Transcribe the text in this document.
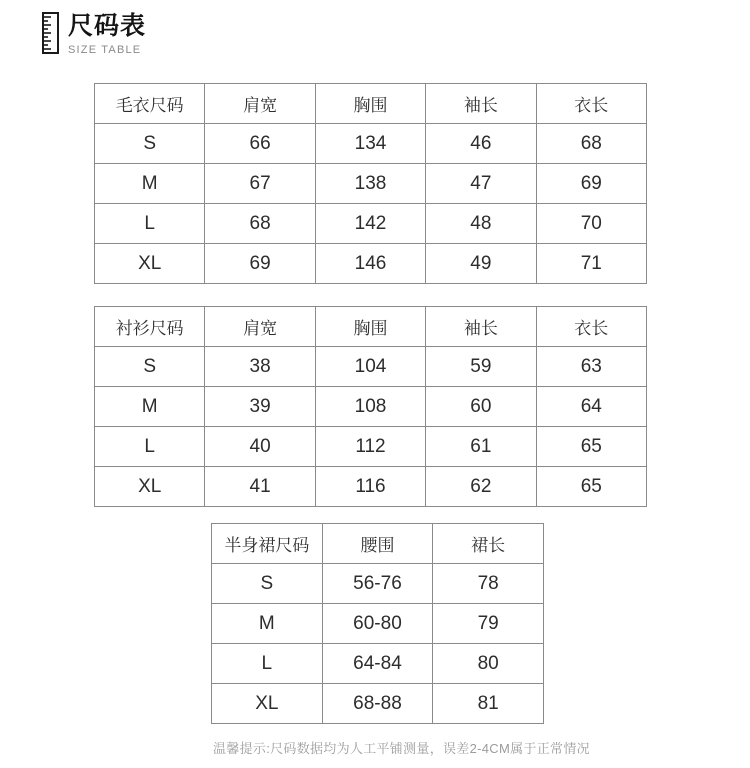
尺码表
SIZE TABLE
毛衣尺码	肩宽	胸围	袖长	衣长
S	66	134	46	68
M	67	138	47	69
L	68	142	48	70
XL	69	146	49	71
衬衫尺码	肩宽	胸围	袖长	衣长
S	38	104	59	63
M	39	108	60	64
L	40	112	61	65
XL	41	116	62	65
半身裙尺码	腰围	裙长
S	56-76	78
M	60-80	79
L	64-84	80
XL	68-88	81
温馨提示:尺码数据均为人工平铺测量，误差2-4CM属于正常情况
